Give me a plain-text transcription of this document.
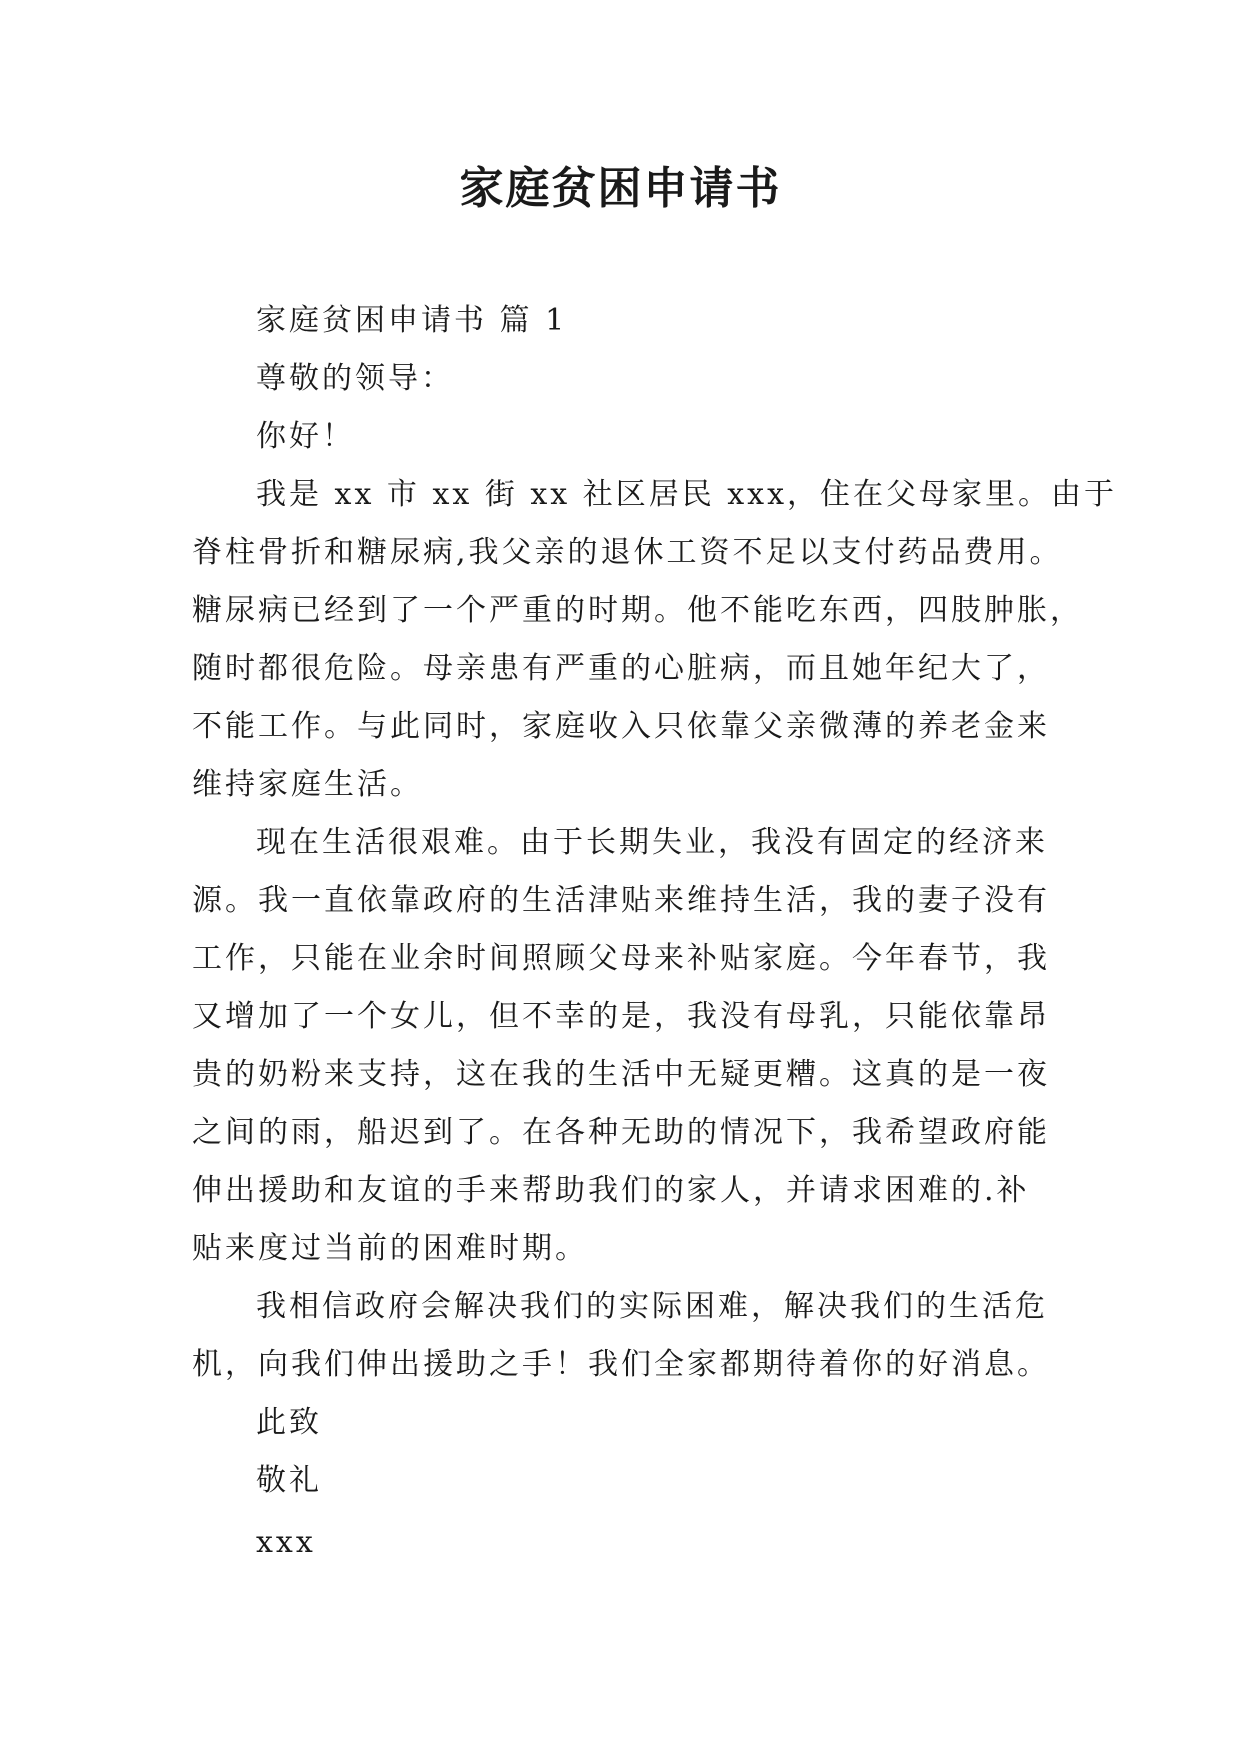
家庭贫困申请书
家庭贫困申请书 篇 1
尊敬的领导：
你好！
我是 xx 市 xx 街 xx 社区居民 xxx，住在父母家里。由于
脊柱骨折和糖尿病,我父亲的退休工资不足以支付药品费用。
糖尿病已经到了一个严重的时期。他不能吃东西，四肢肿胀，
随时都很危险。母亲患有严重的心脏病，而且她年纪大了，
不能工作。与此同时，家庭收入只依靠父亲微薄的养老金来
维持家庭生活。
现在生活很艰难。由于长期失业，我没有固定的经济来
源。我一直依靠政府的生活津贴来维持生活，我的妻子没有
工作，只能在业余时间照顾父母来补贴家庭。今年春节，我
又增加了一个女儿，但不幸的是，我没有母乳，只能依靠昂
贵的奶粉来支持，这在我的生活中无疑更糟。这真的是一夜
之间的雨，船迟到了。在各种无助的情况下，我希望政府能
伸出援助和友谊的手来帮助我们的家人，并请求困难的.补
贴来度过当前的困难时期。
我相信政府会解决我们的实际困难，解决我们的生活危
机，向我们伸出援助之手！我们全家都期待着你的好消息。
此致
敬礼
xxx
